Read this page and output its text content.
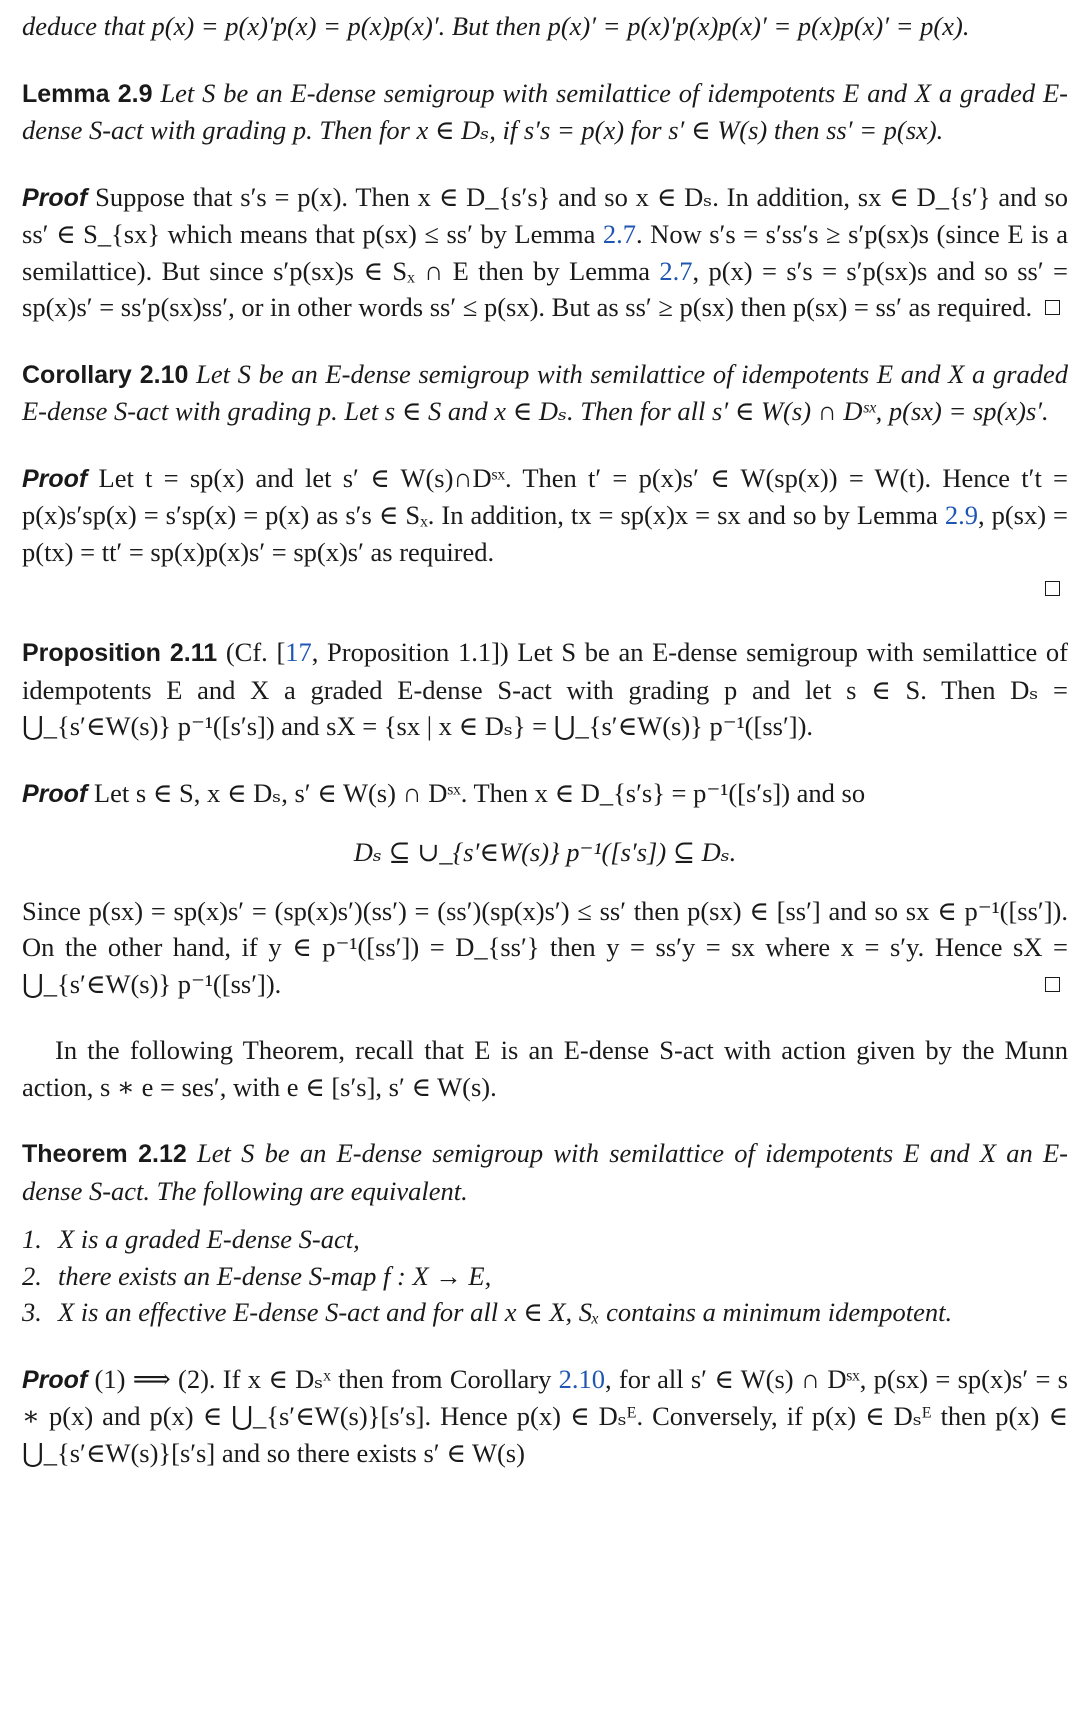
deduce that p(x) = p(x)′p(x) = p(x)p(x)′. But then p(x)′ = p(x)′p(x)p(x)′ = p(x)p(x)′ = p(x).

Lemma 2.9 Let S be an E-dense semigroup with semilattice of idempotents E and X a graded E-dense S-act with grading p. Then for x ∈ Dₛ, if s′s = p(x) for s′ ∈ W(s) then ss′ = p(sx).

Proof Suppose that s′s = p(x). Then x ∈ D_{s′s} and so x ∈ Dₛ. In addition, sx ∈ D_{s′} and so ss′ ∈ S_{sx} which means that p(sx) ≤ ss′ by Lemma 2.7. Now s′s = s′ss′s ≥ s′p(sx)s (since E is a semilattice). But since s′p(sx)s ∈ Sₓ ∩ E then by Lemma 2.7, p(x) = s′s = s′p(sx)s and so ss′ = sp(x)s′ = ss′p(sx)ss′, or in other words ss′ ≤ p(sx). But as ss′ ≥ p(sx) then p(sx) = ss′ as required.

Corollary 2.10 Let S be an E-dense semigroup with semilattice of idempotents E and X a graded E-dense S-act with grading p. Let s ∈ S and x ∈ Dₛ. Then for all s′ ∈ W(s) ∩ Dˢˣ, p(sx) = sp(x)s′.

Proof Let t = sp(x) and let s′ ∈ W(s)∩Dˢˣ. Then t′ = p(x)s′ ∈ W(sp(x)) = W(t). Hence t′t = p(x)s′sp(x) = s′sp(x) = p(x) as s′s ∈ Sₓ. In addition, tx = sp(x)x = sx and so by Lemma 2.9, p(sx) = p(tx) = tt′ = sp(x)p(x)s′ = sp(x)s′ as required.

Proposition 2.11 (Cf. [17, Proposition 1.1]) Let S be an E-dense semigroup with semilattice of idempotents E and X a graded E-dense S-act with grading p and let s ∈ S. Then Dₛ = ⋃_{s′∈W(s)} p⁻¹([s′s]) and sX = {sx | x ∈ Dₛ} = ⋃_{s′∈W(s)} p⁻¹([ss′]).

Proof Let s ∈ S, x ∈ Dₛ, s′ ∈ W(s) ∩ Dˢˣ. Then x ∈ D_{s′s} = p⁻¹([s′s]) and so

Dₛ ⊆ ∪_{s′∈W(s)} p⁻¹([s′s]) ⊆ Dₛ.

Since p(sx) = sp(x)s′ = (sp(x)s′)(ss′) = (ss′)(sp(x)s′) ≤ ss′ then p(sx) ∈ [ss′] and so sx ∈ p⁻¹([ss′]). On the other hand, if y ∈ p⁻¹([ss′]) = D_{ss′} then y = ss′y = sx where x = s′y. Hence sX = ⋃_{s′∈W(s)} p⁻¹([ss′]).

In the following Theorem, recall that E is an E-dense S-act with action given by the Munn action, s ∗ e = ses′, with e ∈ [s′s], s′ ∈ W(s).

Theorem 2.12 Let S be an E-dense semigroup with semilattice of idempotents E and X an E-dense S-act. The following are equivalent.

1. X is a graded E-dense S-act,
2. there exists an E-dense S-map f : X → E,
3. X is an effective E-dense S-act and for all x ∈ X, Sₓ contains a minimum idempotent.

Proof (1) ⟹ (2). If x ∈ Dₛˣ then from Corollary 2.10, for all s′ ∈ W(s) ∩ Dˢˣ, p(sx) = sp(x)s′ = s ∗ p(x) and p(x) ∈ ⋃_{s′∈W(s)}[s′s]. Hence p(x) ∈ Dₛᴱ. Conversely, if p(x) ∈ Dₛᴱ then p(x) ∈ ⋃_{s′∈W(s)}[s′s] and so there exists s′ ∈ W(s)
